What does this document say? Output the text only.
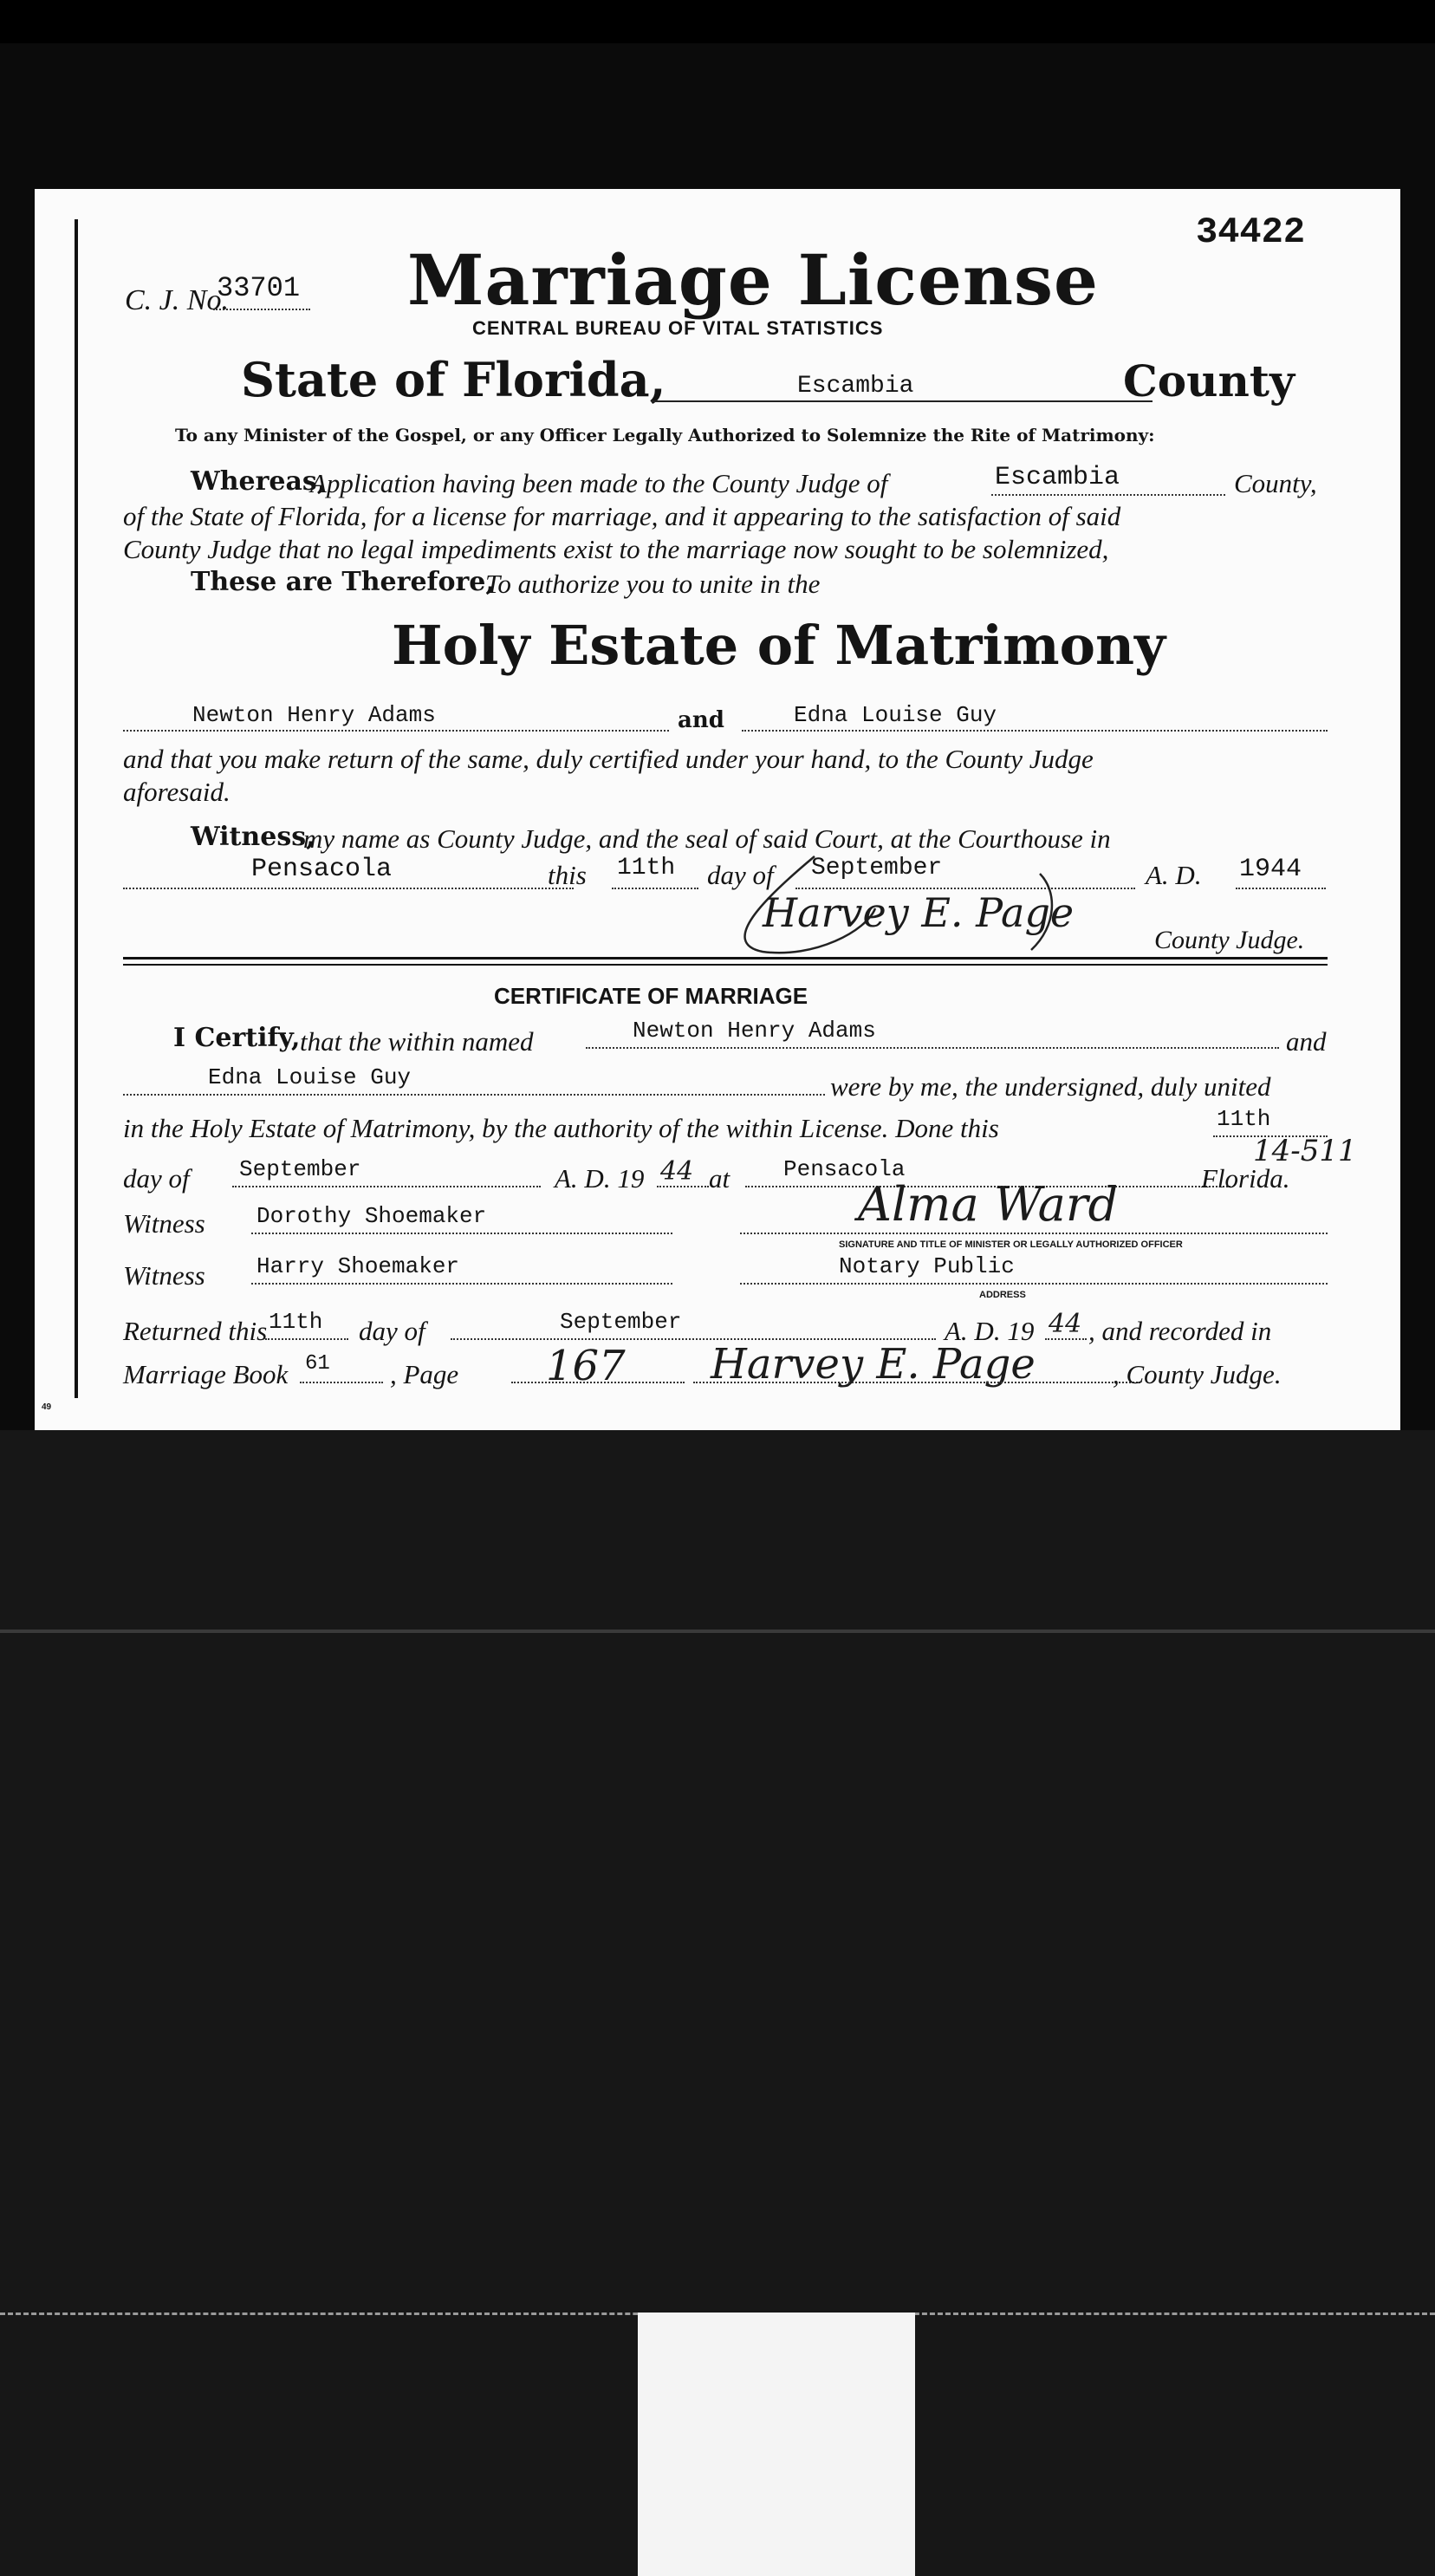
34422
C. J. No.
33701 Marriage License
CENTRAL BUREAU OF VITAL STATISTICS
State of Florida,	Escambia	County
To any Minister of the Gospel, or any Officer Legally Authorized to Solemnize the Rite of Matrimony:
Whereas,
Application having been made to the County Judge of	Escambia	County,
of the State of Florida, for a license for marriage, and it appearing to the satisfaction of said
County Judge that no legal impediments exist to the marriage now sought to be solemnized,
These are Therefore,
To authorize you to unite in the
Holy Estate of Matrimony
Newton Henry Adams	and	Edna Louise Guy
and that you make return of the same, duly certified under your hand, to the County Judge
aforesaid.
Witness,
my name as County Judge, and the seal of said Court, at the Courthouse in
Pensacola	this 11th day of September	A. D. 1944
Harvey E. Page
County Judge.
CERTIFICATE OF MARRIAGE
I Certify, that the within named	Newton Henry Adams	and
Edna Louise Guy	were by me, the undersigned, duly united
in the Holy Estate of Matrimony, by the authority of the within License. Done this	11th
14-511
day of September	A. D. 19 44 at Pensacola	Florida.
Witness Dorothy Shoemaker	Alma Ward
SIGNATURE AND TITLE OF MINISTER OR LEGALLY AUTHORIZED OFFICER
Witness Harry Shoemaker	Notary Public
ADDRESS
Returned this 11th day of	September	A. D. 19 44 , and recorded in
Marriage Book 61 , Page 167 Harvey E. Page	, County Judge.
49
